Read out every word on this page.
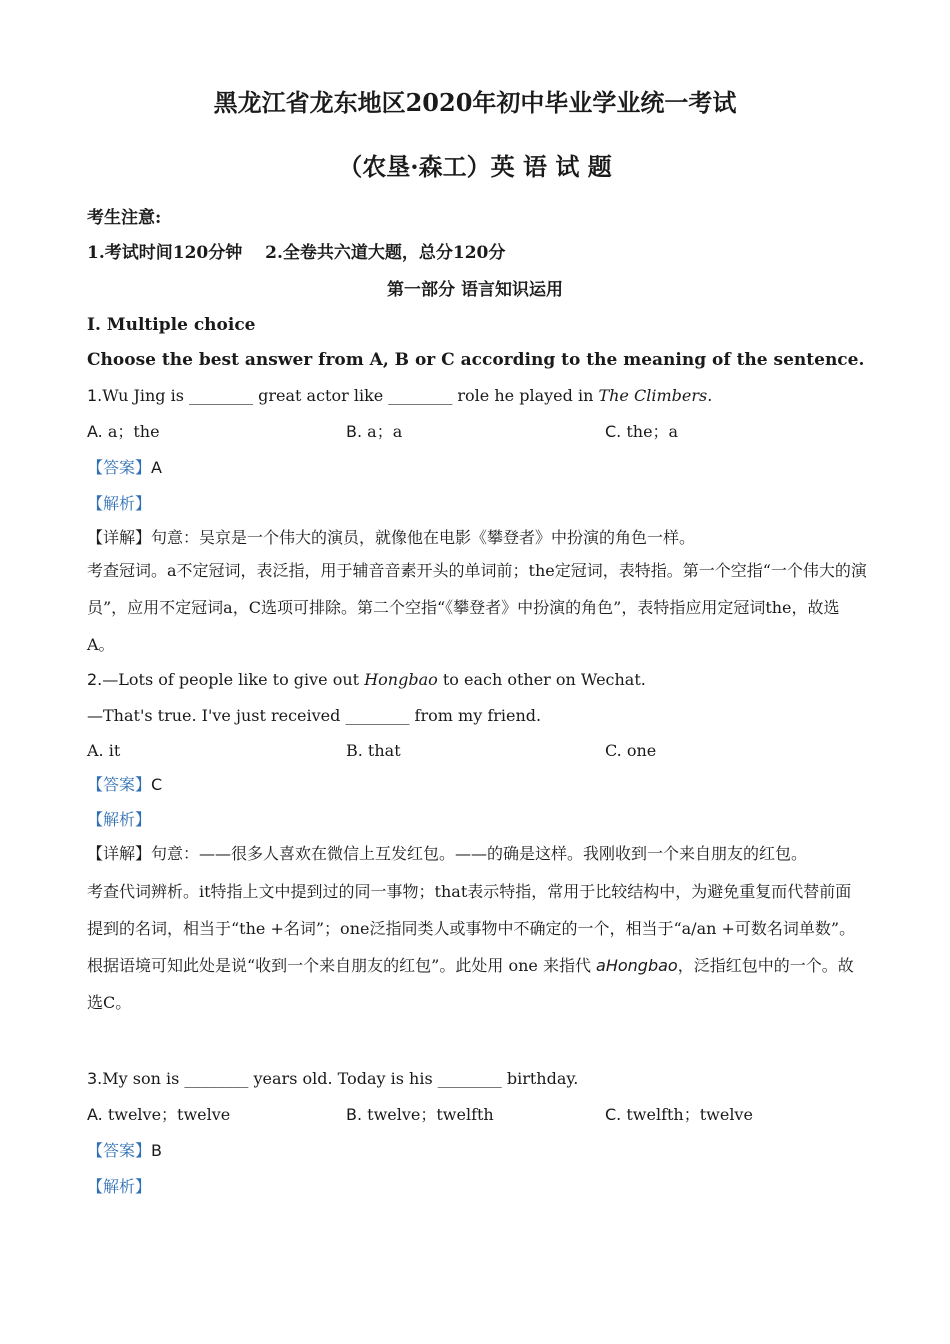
黑龙江省龙东地区2020年初中毕业学业统一考试
（农垦·森工）英 语 试 题
考生注意:
1.考试时间120分钟　 2.全卷共六道大题，总分120分
第一部分 语言知识运用
I. Multiple choice
Choose the best answer from A, B or C according to the meaning of the sentence.
1.Wu Jing is ________ great actor like ________ role he played in The Climbers.
A. a；the	B. a；a	C. the；a
【答案】A
【解析】
【详解】句意：吴京是一个伟大的演员，就像他在电影《攀登者》中扮演的角色一样。
考查冠词。a不定冠词，表泛指，用于辅音音素开头的单词前；the定冠词，表特指。第一个空指“一个伟大的演员”，应用不定冠词a，C选项可排除。第二个空指“《攀登者》中扮演的角色”，表特指应用定冠词the，故选A。
2.—Lots of people like to give out Hongbao to each other on Wechat.
—That's true. I've just received ________ from my friend.
A. it	B. that	C. one
【答案】C
【解析】
【详解】句意：——很多人喜欢在微信上互发红包。——的确是这样。我刚收到一个来自朋友的红包。
考查代词辨析。it特指上文中提到过的同一事物；that表示特指，常用于比较结构中，为避免重复而代替前面提到的名词，相当于“the +名词”；one泛指同类人或事物中不确定的一个，相当于“a/an +可数名词单数”。根据语境可知此处是说“收到一个来自朋友的红包”。此处用 one 来指代 aHongbao，泛指红包中的一个。故选C。
3.My son is ________ years old. Today is his ________ birthday.
A. twelve；twelve	B. twelve；twelfth	C. twelfth；twelve
【答案】B
【解析】
